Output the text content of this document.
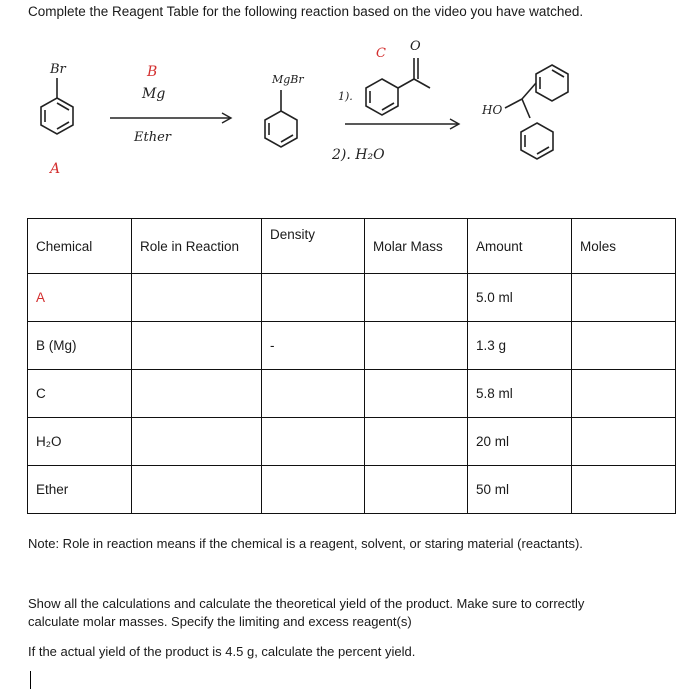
Complete the Reagent Table for the following reaction based on the video you have watched.
Br
A
B
Mg
Ether
MgBr
1).
C O
2). H₂O
HO
Chemical	Role in Reaction	Density	Molar Mass	Amount	Moles
A				5.0 ml	
B (Mg)		-		1.3 g	
C				5.8 ml	
H₂O				20 ml	
Ether				50 ml	
Note: Role in reaction means if the chemical is a reagent, solvent, or staring material (reactants).
Show all the calculations and calculate the theoretical yield of the product. Make sure to correctly
calculate molar masses. Specify the limiting and excess reagent(s)
If the actual yield of the product is 4.5 g, calculate the percent yield.
